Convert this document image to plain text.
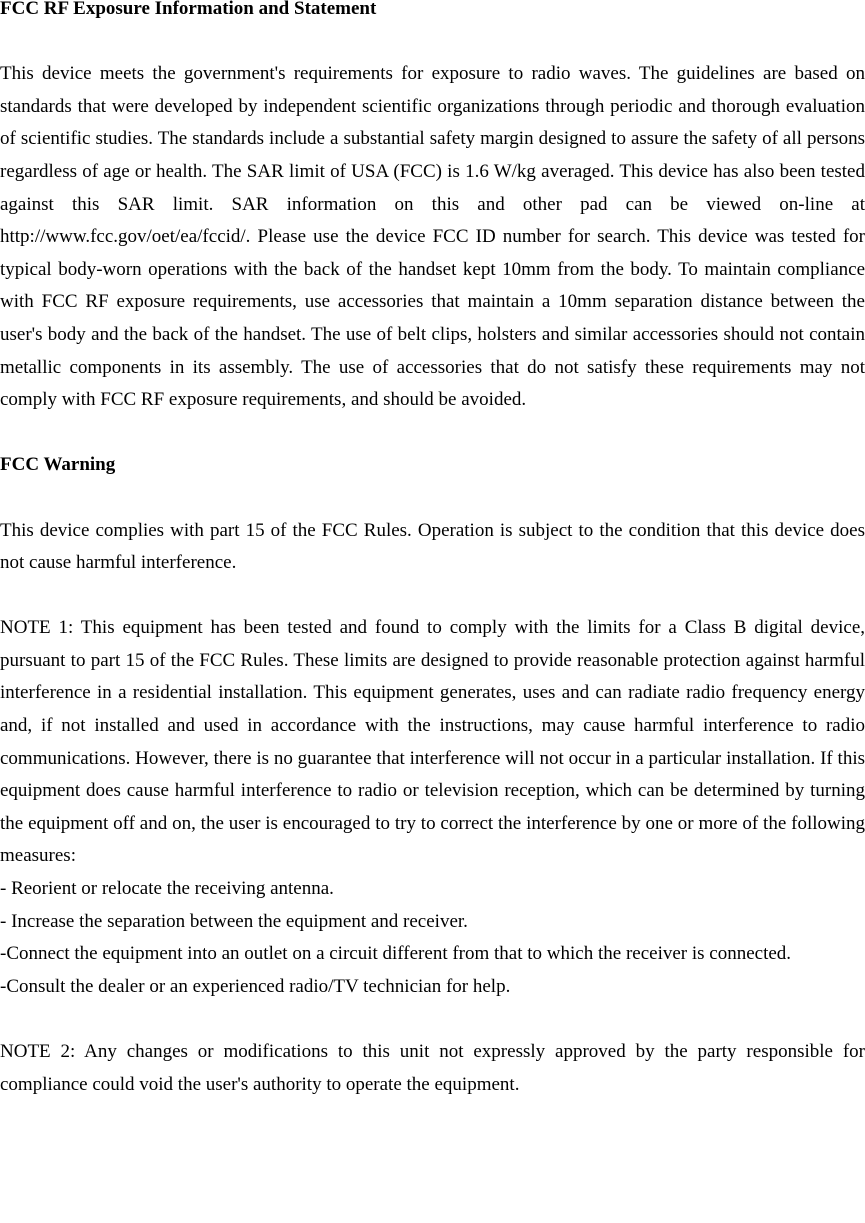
FCC RF Exposure Information and Statement

This device meets the government's requirements for exposure to radio waves. The guidelines are based on standards that were developed by independent scientific organizations through periodic and thorough evaluation of scientific studies. The standards include a substantial safety margin designed to assure the safety of all persons regardless of age or health. The SAR limit of USA (FCC) is 1.6 W/kg averaged. This device has also been tested against this SAR limit. SAR information on this and other pad can be viewed on‐line at http://www.fcc.gov/oet/ea/fccid/. Please use the device FCC ID number for search. This device was tested for typical body-worn operations with the back of the handset kept 10mm from the body. To maintain compliance with FCC RF exposure requirements, use accessories that maintain a 10mm separation distance between the user's body and the back of the handset. The use of belt clips, holsters and similar accessories should not contain metallic components in its assembly. The use of accessories that do not satisfy these requirements may not comply with FCC RF exposure requirements, and should be avoided.

FCC Warning

This device complies with part 15 of the FCC Rules. Operation is subject to the condition that this device does not cause harmful interference.

NOTE 1: This equipment has been tested and found to comply with the limits for a Class B digital device, pursuant to part 15 of the FCC Rules. These limits are designed to provide reasonable protection against harmful interference in a residential installation. This equipment generates, uses and can radiate radio frequency energy and, if not installed and used in accordance with the instructions, may cause harmful interference to radio communications. However, there is no guarantee that interference will not occur in a particular installation. If this equipment does cause harmful interference to radio or television reception, which can be determined by turning the equipment off and on, the user is encouraged to try to correct the interference by one or more of the following measures:

- Reorient or relocate the receiving antenna.

- Increase the separation between the equipment and receiver.

-Connect the equipment into an outlet on a circuit different from that to which the receiver is connected.

-Consult the dealer or an experienced radio/TV technician for help.

NOTE 2: Any changes or modifications to this unit not expressly approved by the party responsible for compliance could void the user's authority to operate the equipment.
